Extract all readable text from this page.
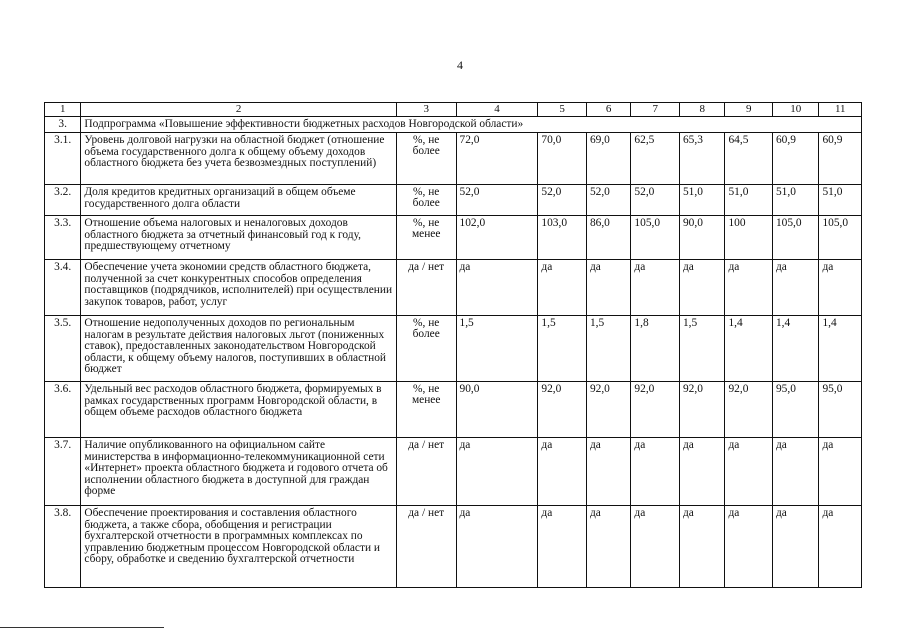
4
1	2	3	4	5	6	7	8	9	10	11
3.	Подпрограмма «Повышение эффективности бюджетных расходов Новгородской области»									
3.1.	Уровень долговой нагрузки на областной бюджет (отношение объема государственного долга к общему объему доходов областного бюджета без учета безвозмездных поступлений)	%, не более	72,0	70,0	69,0	62,5	65,3	64,5	60,9	60,9
3.2.	Доля кредитов кредитных организаций в общем объеме государственного долга области	%, не более	52,0	52,0	52,0	52,0	51,0	51,0	51,0	51,0
3.3.	Отношение объема налоговых и неналоговых доходов областного бюджета за отчетный финансовый год к году, предшествующему отчетному	%, не менее	102,0	103,0	86,0	105,0	90,0	100	105,0	105,0
3.4.	Обеспечение учета экономии средств областного бюджета, полученной за счет конкурентных способов определения поставщиков (подрядчиков, исполнителей) при осуществлении закупок товаров, работ, услуг	да / нет	да	да	да	да	да	да	да	да
3.5.	Отношение недополученных доходов по региональным налогам в результате действия налоговых льгот (пониженных ставок), предоставленных законодательством Новгородской области, к общему объему налогов, поступивших в областной бюджет	%, не более	1,5	1,5	1,5	1,8	1,5	1,4	1,4	1,4
3.6.	Удельный вес расходов областного бюджета, формируемых в рамках государственных программ Новгородской области, в общем объеме расходов областного бюджета	%, не менее	90,0	92,0	92,0	92,0	92,0	92,0	95,0	95,0
3.7.	Наличие опубликованного на официальном сайте министерства в информационно-телекоммуникационной сети «Интернет» проекта областного бюджета и годового отчета об исполнении областного бюджета в доступной для граждан форме	да / нет	да	да	да	да	да	да	да	да
3.8.	Обеспечение проектирования и составления областного бюджета, а также сбора, обобщения и регистрации бухгалтерской отчетности в программных комплексах по управлению бюджетным процессом Новгородской области и сбору, обработке и сведению бухгалтерской отчетности	да / нет	да	да	да	да	да	да	да	да
